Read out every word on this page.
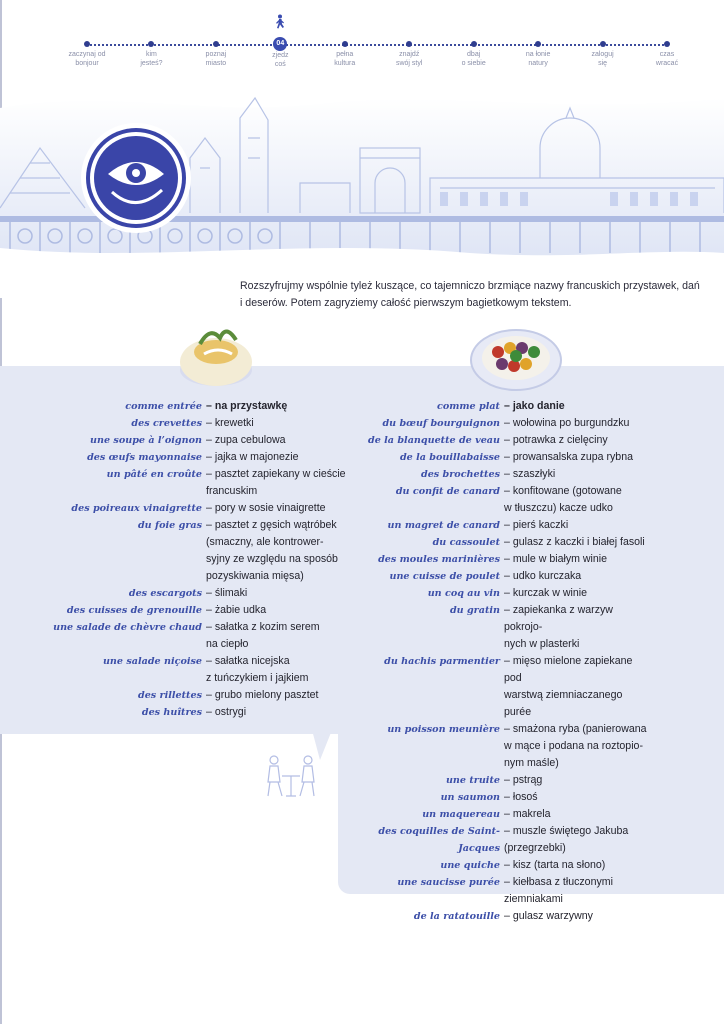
zaczynaj od
bonjour
kim
jesteś?
poznaj
miasto
04
zjedz
coś
pełna
kultura
znajdź
swój styl
dbaj
o siebie
na łonie
natury
zaloguj
się
czas
wracać
Rozszyfrujmy wspólnie tyleż kuszące, co tajemniczo brzmiące nazwy francuskich przystawek, dań i deserów. Potem zagryziemy całość pierwszym bagietkowym tekstem.
comme entrée	– na przystawkę
des crevettes	– krewetki
une soupe à l’oignon	– zupa cebulowa
des œufs mayonnaise	– jajka w majonezie
un pâté en croûte	– pasztet zapiekany w cieście
francuskim
des poireaux vinaigrette	– pory w sosie vinaigrette
du foie gras	– pasztet z gęsich wątróbek
(smaczny, ale kontrower-
syjny ze względu na sposób
pozyskiwania mięsa)
des escargots	– ślimaki
des cuisses de grenouille	– żabie udka
une salade de chèvre chaud	– sałatka z kozim serem
na ciepło
une salade niçoise	– sałatka nicejska
z tuńczykiem i jajkiem
des rillettes	– grubo mielony pasztet
des huîtres	– ostrygi
comme plat	– jako danie
du bœuf bourguignon	– wołowina po burgundzku
de la blanquette de veau	– potrawka z cielęciny
de la bouillabaisse	– prowansalska zupa rybna
des brochettes	– szaszłyki
du confit de canard	– konfitowane (gotowane
w tłuszczu) kacze udko
un magret de canard	– pierś kaczki
du cassoulet	– gulasz z kaczki i białej fasoli
des moules marinières	– mule w białym winie
une cuisse de poulet	– udko kurczaka
un coq au vin	– kurczak w winie
du gratin	– zapiekanka z warzyw pokrojo-
nych w plasterki
du hachis parmentier	– mięso mielone zapiekane pod
warstwą ziemniaczanego purée
un poisson meunière	– smażona ryba (panierowana
w mące i podana na roztopio-
nym maśle)
une truite	– pstrąg
un saumon	– łosoś
un maquereau	– makrela
des coquilles de Saint-Jacques
– muszle świętego Jakuba
(przegrzebki)
une quiche	– kisz (tarta na słono)
une saucisse purée	– kiełbasa z tłuczonymi
ziemniakami
de la ratatouille	– gulasz warzywny
